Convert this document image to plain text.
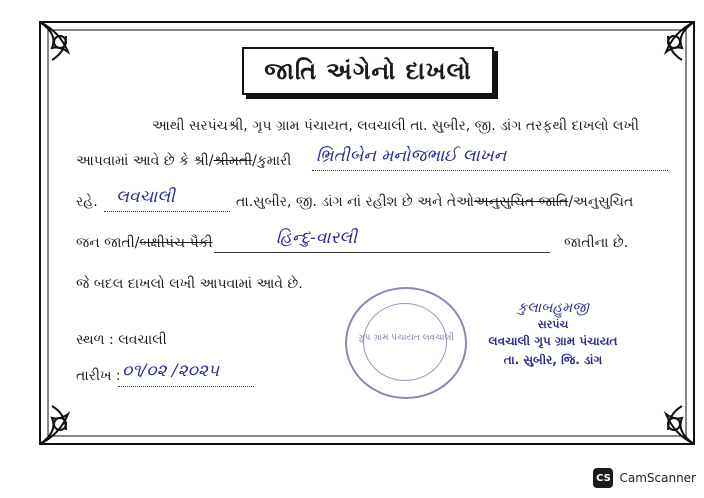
જાતિ અંગેનો દાખલો
આથી સરપંચશ્રી, ગૃપ ગ્રામ પંચાયત, લવચાલી તા. સુબીર, જી. ડાંગ તરફથી દાખલો લખી
આપવામાં આવે છે કે શ્રી/શ્રીમતી/કુમારી ભ્રિતીબેન મનોજભાઈ લાખન
રહે. લવચાલી	તા.સુબીર, જી. ડાંગ નાં રહીશ છે અને તેઓઅનુસુચિત જાતિ/અનુસુચિત
જન જાતી/બક્ષીપંચ પૈકી	હિન્દુ-વારલી	જાતીના છે.
જે બદલ દાખલો લખી આપવામાં આવે છે.
સ્થળ : લવચાલી
તારીખ : ૦૧/૦૨ /૨૦૨૫
ગ્રુપ ગ્રામ પંચાયત લવચાલી
કુલાબહુમજી
સરપંચ
લવચાલી ગૃપ ગ્રામ પંચાયત
તા. સુબીર, જિ. ડાંગ
CS CamScanner
